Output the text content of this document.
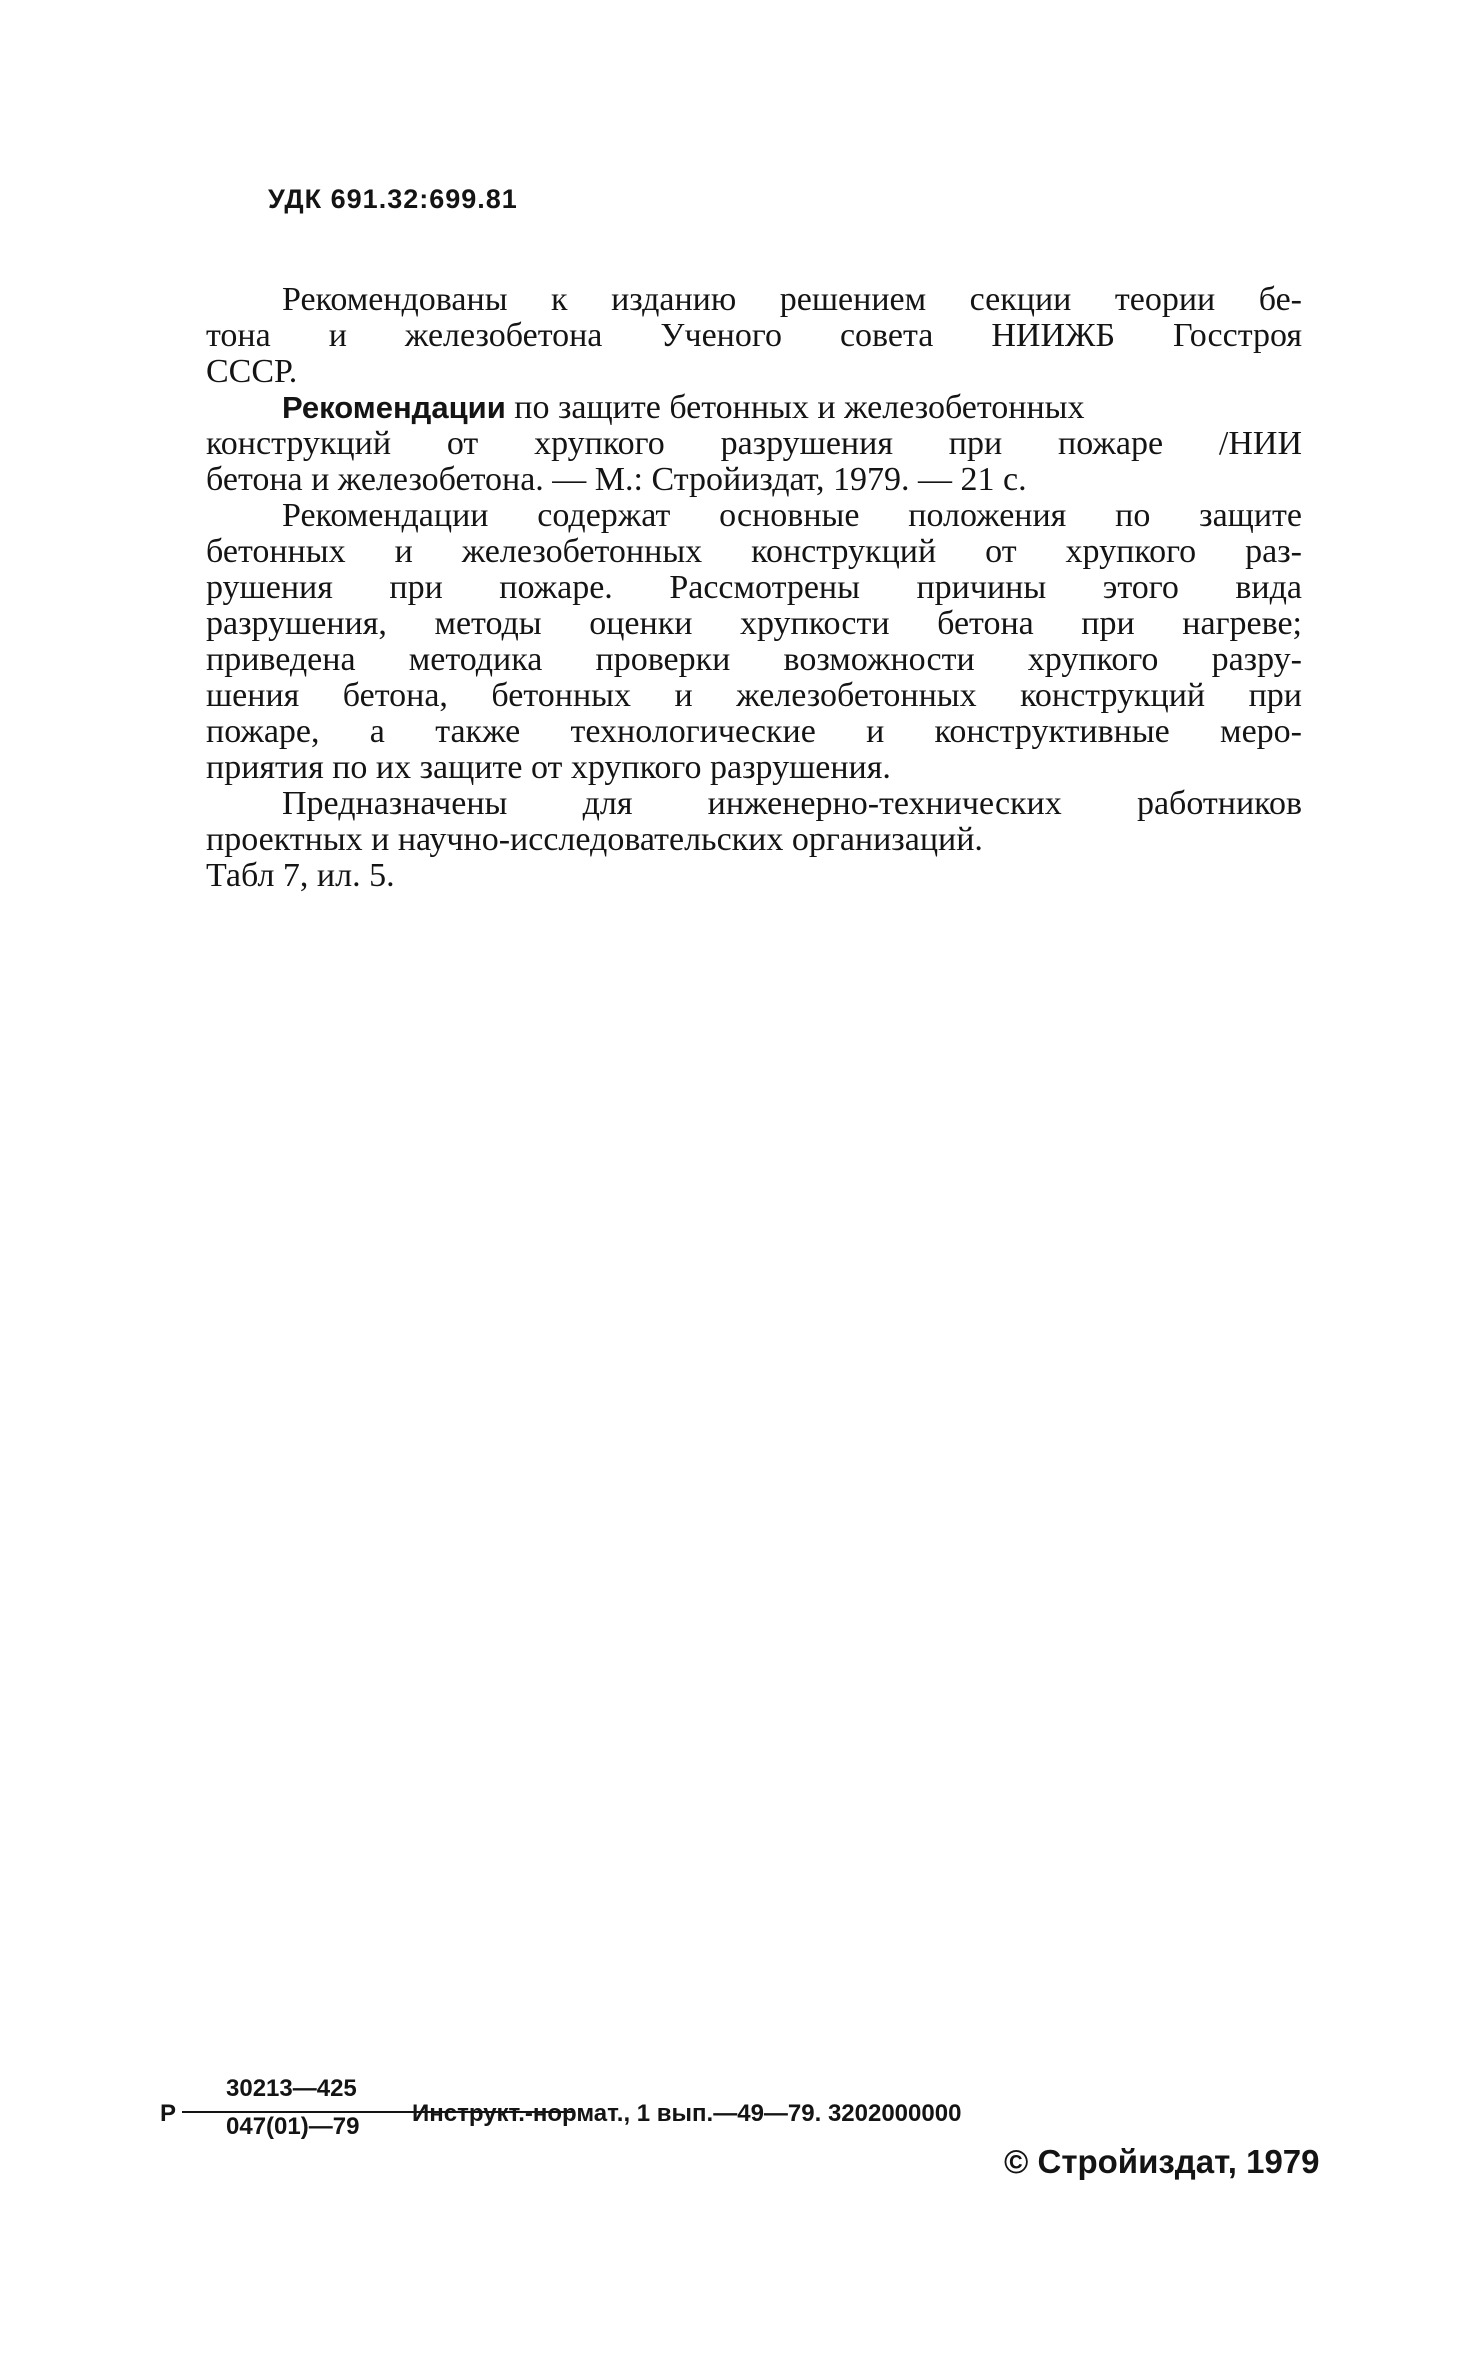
УДК 691.32:699.81
Рекомендованы к изданию решением секции теории бе-
тона и железобетона Ученого совета НИИЖБ Госстроя
СССР.
Рекомендации по защите бетонных и железобетонных
конструкций от хрупкого разрушения при пожаре /НИИ
бетона и железобетона. — М.: Стройиздат, 1979. — 21 с.
Рекомендации содержат основные положения по защите
бетонных и железобетонных конструкций от хрупкого раз-
рушения при пожаре. Рассмотрены причины этого вида
разрушения, методы оценки хрупкости бетона при нагреве;
приведена методика проверки возможности хрупкого разру-
шения бетона, бетонных и железобетонных конструкций при
пожаре, а также технологические и конструктивные меро-
приятия по их защите от хрупкого разрушения.
Предназначены для инженерно-технических работников
проектных и научно-исследовательских организаций.
Табл 7, ил. 5.
Р
30213—425
047(01)—79 Инструкт.-нормат., 1 вып.—49—79. 3202000000
© Стройиздат, 1979
